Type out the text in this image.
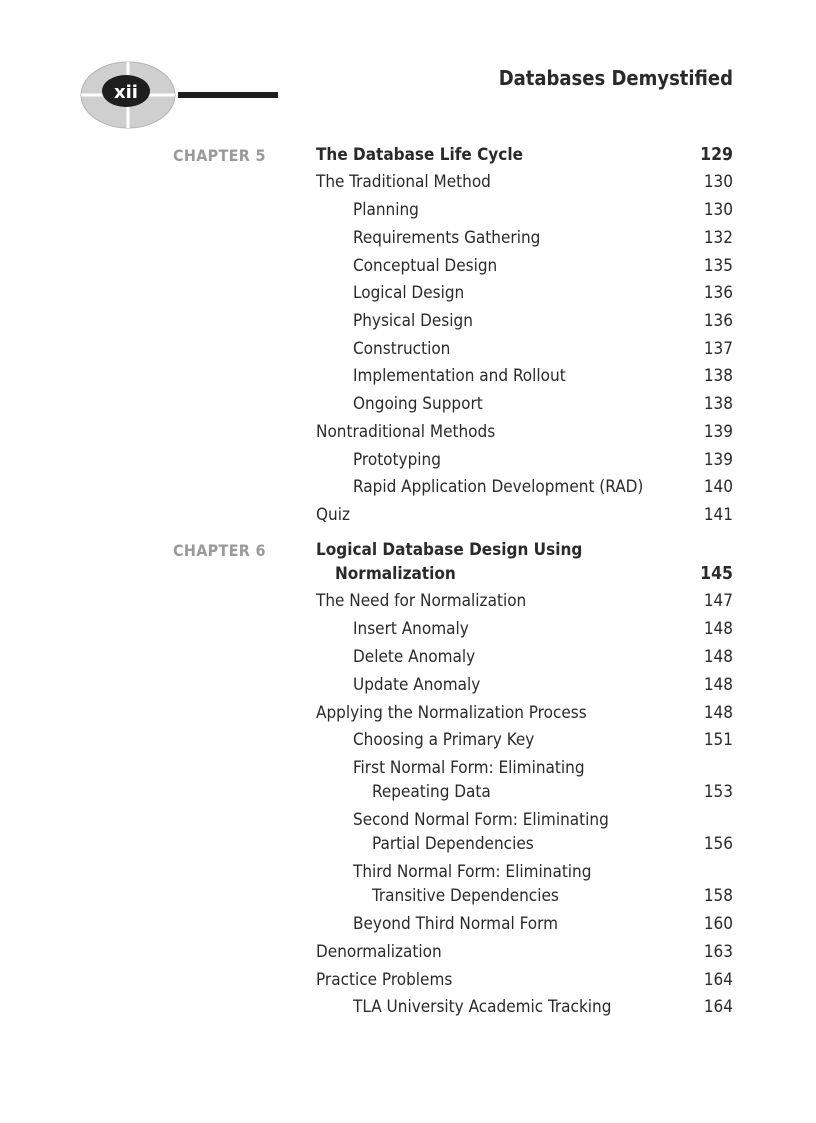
xii
Databases Demystified
CHAPTER 5	The Database Life Cycle	129
The Traditional Method	130
Planning	130
Requirements Gathering	132
Conceptual Design	135
Logical Design	136
Physical Design	136
Construction	137
Implementation and Rollout	138
Ongoing Support	138
Nontraditional Methods	139
Prototyping	139
Rapid Application Development (RAD)	140
Quiz	141
CHAPTER 6	Logical Database Design Using
Normalization	145
The Need for Normalization	147
Insert Anomaly	148
Delete Anomaly	148
Update Anomaly	148
Applying the Normalization Process	148
Choosing a Primary Key	151
First Normal Form: Eliminating
Repeating Data	153
Second Normal Form: Eliminating
Partial Dependencies	156
Third Normal Form: Eliminating
Transitive Dependencies	158
Beyond Third Normal Form	160
Denormalization	163
Practice Problems	164
TLA University Academic Tracking	164
